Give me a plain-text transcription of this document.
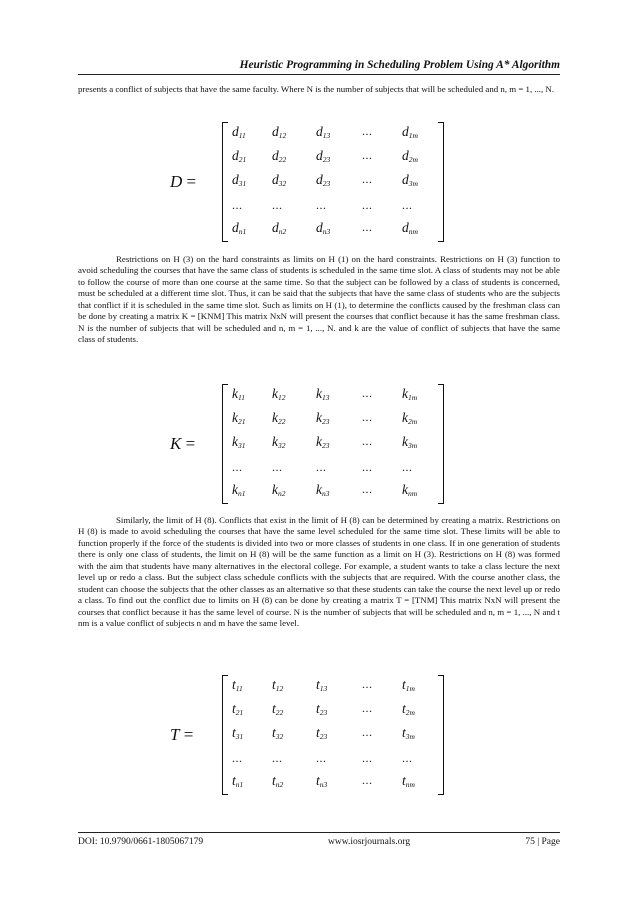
Heuristic Programming in Scheduling Problem Using A* Algorithm

presents a conflict of subjects that have the same faculty. Where N is the number of subjects that will be scheduled and n, m = 1, ..., N.

D =
$d_{11}$ $d_{12}$ $d_{13}$	... $d_{1m}$
$d_{21}$ $d_{22}$ $d_{23}$	... $d_{2m}$
$d_{31}$ $d_{32}$ $d_{23}$	... $d_{3m}$
... ...	...	... ...
$d_{n1}$ $d_{n2}$ $d_{n3}$	... $d_{nm}$

Restrictions on H (3) on the hard constraints as limits on H (1) on the hard constraints. Restrictions on H (3) function to avoid scheduling the courses that have the same class of students is scheduled in the same time slot. A class of students may not be able to follow the course of more than one course at the same time. So that the subject can be followed by a class of students is concerned, must be scheduled at a different time slot. Thus, it can be said that the subjects that have the same class of students who are the subjects that conflict if it is scheduled in the same time slot. Such as limits on H (1), to determine the conflicts caused by the freshman class can be done by creating a matrix K = [KNM] This matrix NxN will present the courses that conflict because it has the same freshman class. N is the number of subjects that will be scheduled and n, m = 1, ..., N. and k are the value of conflict of subjects that have the same class of students.

K =
$k_{11}$ $k_{12}$ $k_{13}$	... $k_{1m}$
$k_{21}$ $k_{22}$ $k_{23}$	... $k_{2m}$
$k_{31}$ $k_{32}$ $k_{23}$	... $k_{3m}$
... ...	...	... ...
$k_{n1}$ $k_{n2}$ $k_{n3}$	... $k_{nm}$

Similarly, the limit of H (8). Conflicts that exist in the limit of H (8) can be determined by creating a matrix. Restrictions on H (8) is made to avoid scheduling the courses that have the same level scheduled for the same time slot. These limits will be able to function properly if the force of the students is divided into two or more classes of students in one class. If in one generation of students there is only one class of students, the limit on H (8) will be the same function as a limit on H (3). Restrictions on H (8) was formed with the aim that students have many alternatives in the electoral college. For example, a student wants to take a class lecture the next level up or redo a class. But the subject class schedule conflicts with the subjects that are required. With the course another class, the student can choose the subjects that the other classes as an alternative so that these students can take the course the next level up or redo a class. To find out the conflict due to limits on H (8) can be done by creating a matrix T = [TNM] This matrix NxN will present the courses that conflict because it has the same level of course. N is the number of subjects that will be scheduled and n, m = 1, ..., N and t nm is a value conflict of subjects n and m have the same level.

T =
$t_{11}$ $t_{12}$ $t_{13}$	... $t_{1m}$
$t_{21}$ $t_{22}$ $t_{23}$	... $t_{2m}$
$t_{31}$ $t_{32}$ $t_{23}$	... $t_{3m}$
... ...	...	... ...
$t_{n1}$ $t_{n2}$ $t_{n3}$	... $t_{nm}$
DOI: 10.9790/0661-1805067179	www.iosrjournals.org	75 | Page
